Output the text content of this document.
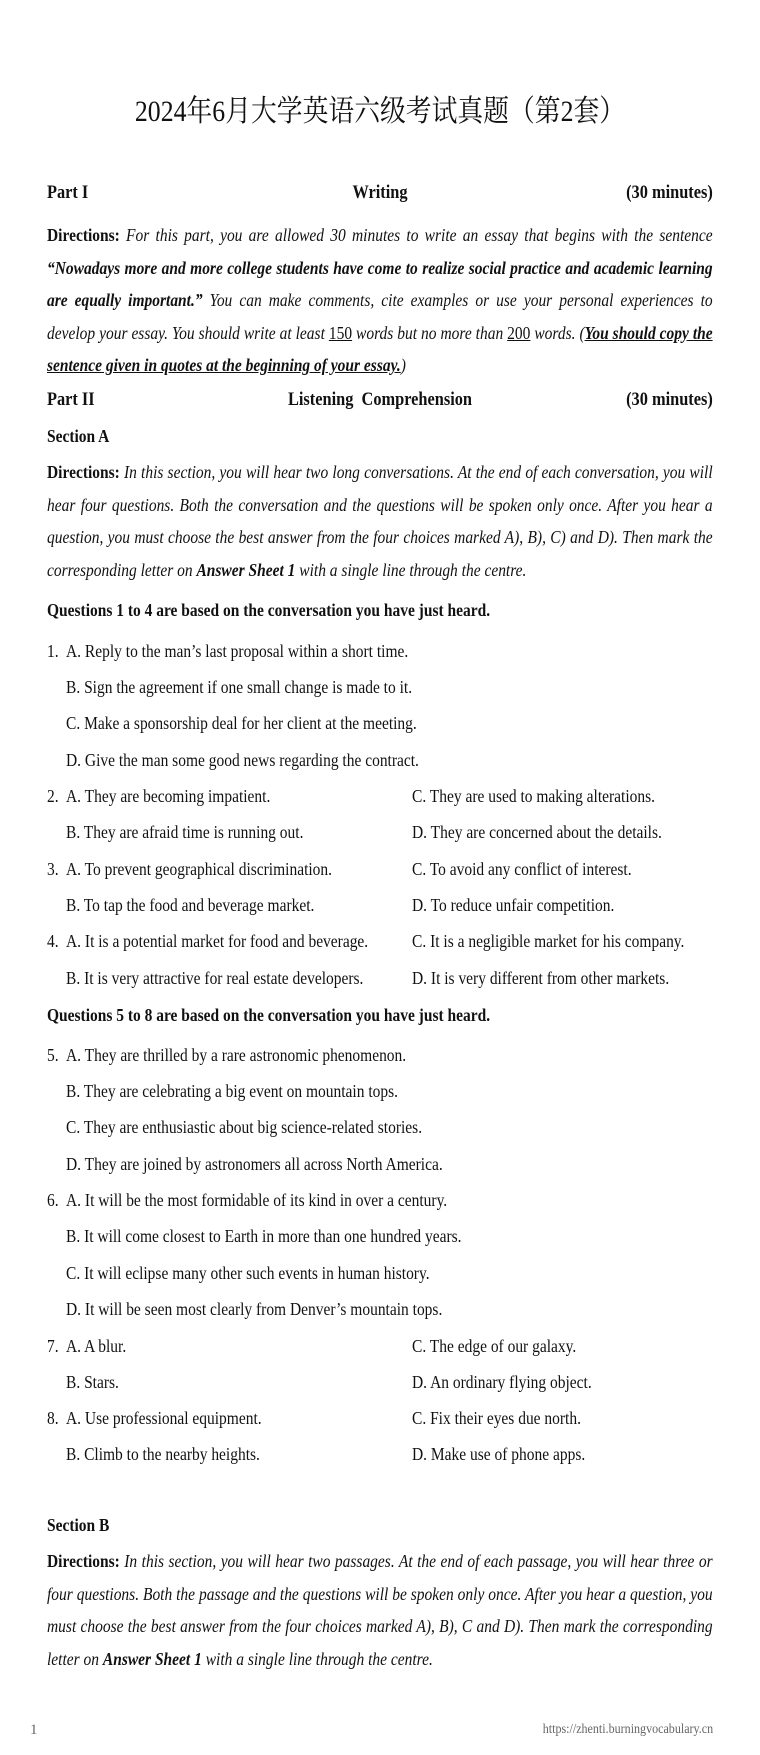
2024年6月大学英语六级考试真题（第2套）
Part I	Writing	(30 minutes)
Directions: For this part, you are allowed 30 minutes to write an essay that begins with the sentence “Nowadays more and more college students have come to realize social practice and academic learning are equally important.” You can make comments, cite examples or use your personal experiences to develop your essay. You should write at least 150 words but no more than 200 words. (You should copy the sentence given in quotes at the beginning of your essay.)
Part II	Listening  Comprehension	(30 minutes)
Section A
Directions: In this section, you will hear two long conversations. At the end of each conversation, you will hear four questions. Both the conversation and the questions will be spoken only once. After you hear a question, you must choose the best answer from the four choices marked A), B), C) and D). Then mark the corresponding letter on Answer Sheet 1 with a single line through the centre.
Questions 1 to 4 are based on the conversation you have just heard.
1. A. Reply to the man’s last proposal within a short time.
B. Sign the agreement if one small change is made to it.
C. Make a sponsorship deal for her client at the meeting.
D. Give the man some good news regarding the contract.
2. A. They are becoming impatient.	C. They are used to making alterations.
B. They are afraid time is running out.	D. They are concerned about the details.
3. A. To prevent geographical discrimination.	C. To avoid any conflict of interest.
B. To tap the food and beverage market.	D. To reduce unfair competition.
4. A. It is a potential market for food and beverage. C. It is a negligible market for his company.
B. It is very attractive for real estate developers.	D. It is very different from other markets.
Questions 5 to 8 are based on the conversation you have just heard.
5. A. They are thrilled by a rare astronomic phenomenon.
B. They are celebrating a big event on mountain tops.
C. They are enthusiastic about big science-related stories.
D. They are joined by astronomers all across North America.
6. A. It will be the most formidable of its kind in over a century.
B. It will come closest to Earth in more than one hundred years.
C. It will eclipse many other such events in human history.
D. It will be seen most clearly from Denver’s mountain tops.
7. A. A blur.	C. The edge of our galaxy.
B. Stars.	D. An ordinary flying object.
8. A. Use professional equipment.	C. Fix their eyes due north.
B. Climb to the nearby heights.	D. Make use of phone apps.
Section B
Directions: In this section, you will hear two passages. At the end of each passage, you will hear three or four questions. Both the passage and the questions will be spoken only once. After you hear a question, you must choose the best answer from the four choices marked A), B), C and D). Then mark the corresponding letter on Answer Sheet 1 with a single line through the centre.
1	https://zhenti.burningvocabulary.cn
